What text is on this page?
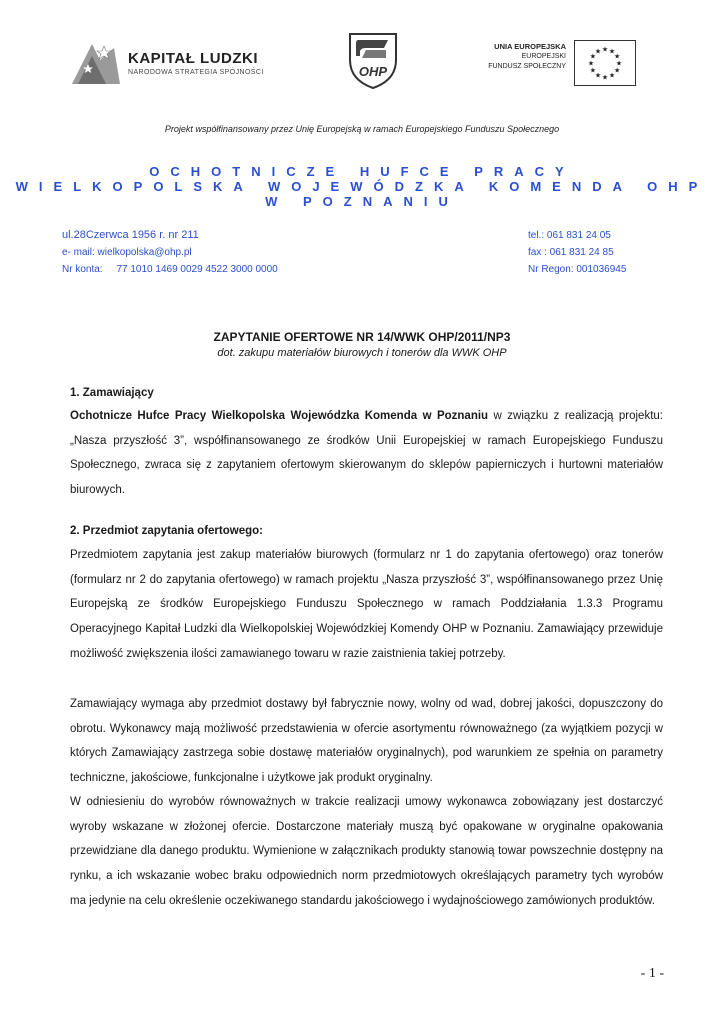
KAPITAŁ LUDZKI
NARODOWA STRATEGIA SPÓJNOŚCI	OHP
UNIA EUROPEJSKA
EUROPEJSKI
FUNDUSZ SPOŁECZNY	★
★
★
★
★
★
★
★
★ ★ ★
★
Projekt współfinansowany przez Unię Europejską w ramach Europejskiego Funduszu Społecznego
OCHOTNICZE HUFCE PRACY
WIELKOPOLSKA WOJEWÓDZKA KOMENDA OHP
W POZNANIU
ul.28Czerwca 1956 r. nr 211
e- mail: wielkopolska@ohp.pl
Nr konta:     77 1010 1469 0029 4522 3000 0000
tel.: 061 831 24 05
fax : 061 831 24 85
Nr Regon: 001036945
ZAPYTANIE OFERTOWE NR 14/WWK OHP/2011/NP3
dot. zakupu materiałów biurowych i tonerów dla WWK OHP
1. Zamawiający
Ochotnicze Hufce Pracy Wielkopolska Wojewódzka Komenda w Poznaniu w związku z realizacją projektu: „Nasza przyszłość 3”, współfinansowanego ze środków Unii Europejskiej w ramach Europejskiego Funduszu Społecznego, zwraca się z zapytaniem ofertowym skierowanym do sklepów papierniczych i hurtowni materiałów biurowych.
2. Przedmiot zapytania ofertowego:
Przedmiotem zapytania jest zakup materiałów biurowych (formularz nr 1 do zapytania ofertowego) oraz tonerów (formularz nr 2 do zapytania ofertowego) w ramach projektu „Nasza przyszłość 3”, współfinansowanego przez Unię Europejską ze środków Europejskiego Funduszu Społecznego w ramach Poddziałania 1.3.3 Programu Operacyjnego Kapitał Ludzki dla Wielkopolskiej Wojewódzkiej Komendy OHP w Poznaniu. Zamawiający przewiduje możliwość zwiększenia ilości zamawianego towaru w razie zaistnienia takiej potrzeby.
Zamawiający wymaga aby przedmiot dostawy był fabrycznie nowy, wolny od wad, dobrej jakości, dopuszczony do obrotu. Wykonawcy mają możliwość przedstawienia w ofercie asortymentu równoważnego (za wyjątkiem pozycji w których Zamawiający zastrzega sobie dostawę materiałów oryginalnych), pod warunkiem ze spełnia on parametry techniczne, jakościowe, funkcjonalne i użytkowe jak produkt oryginalny.
W odniesieniu do wyrobów równoważnych w trakcie realizacji umowy wykonawca zobowiązany jest dostarczyć wyroby wskazane w złożonej ofercie. Dostarczone materiały muszą być opakowane w oryginalne opakowania przewidziane dla danego produktu. Wymienione w załącznikach produkty stanowią towar powszechnie dostępny na rynku, a ich wskazanie wobec braku odpowiednich norm przedmiotowych określających parametry tych wyrobów ma jedynie na celu określenie oczekiwanego standardu jakościowego i wydajnościowego zamówionych produktów.
- 1 -
